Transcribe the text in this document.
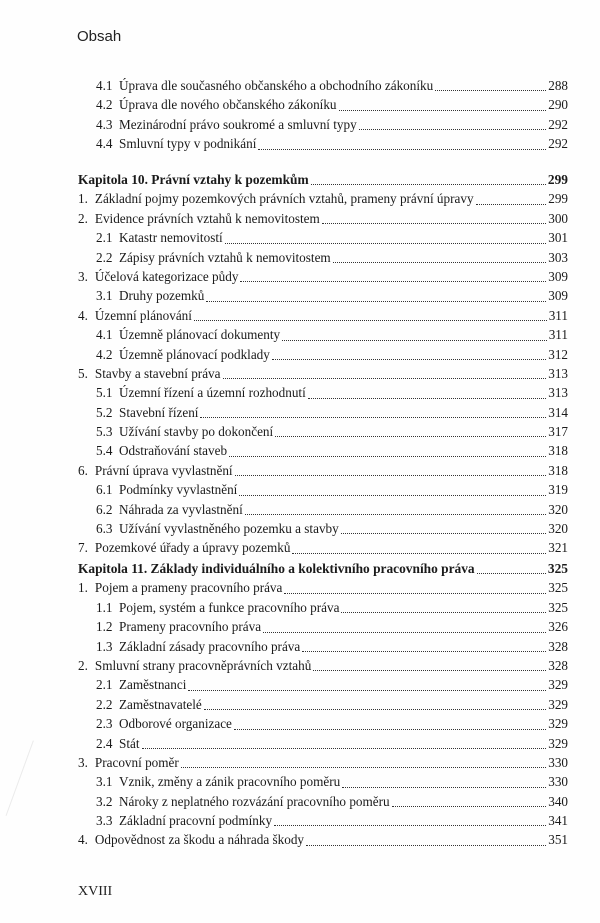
Obsah
4.1 Úprava dle současného občanského a obchodního zákoníku	288
4.2 Úprava dle nového občanského zákoníku	290
4.3 Mezinárodní právo soukromé a smluvní typy	292
4.4 Smluvní typy v podnikání	292
Kapitola 10. Právní vztahy k pozemkům	299
1. Základní pojmy pozemkových právních vztahů, prameny právní úpravy	299
2. Evidence právních vztahů k nemovitostem	300
2.1 Katastr nemovitostí	301
2.2 Zápisy právních vztahů k nemovitostem	303
3. Účelová kategorizace půdy	309
3.1 Druhy pozemků	309
4. Územní plánování	311
4.1 Územně plánovací dokumenty	311
4.2 Územně plánovací podklady	312
5. Stavby a stavební práva	313
5.1 Územní řízení a územní rozhodnutí	313
5.2 Stavební řízení	314
5.3 Užívání stavby po dokončení	317
5.4 Odstraňování staveb	318
6. Právní úprava vyvlastnění	318
6.1 Podmínky vyvlastnění	319
6.2 Náhrada za vyvlastnění	320
6.3 Užívání vyvlastněného pozemku a stavby	320
7. Pozemkové úřady a úpravy pozemků	321
Kapitola 11. Základy individuálního a kolektivního pracovního práva	325
1. Pojem a prameny pracovního práva	325
1.1 Pojem, systém a funkce pracovního práva	325
1.2 Prameny pracovního práva	326
1.3 Základní zásady pracovního práva	328
2. Smluvní strany pracovněprávních vztahů	328
2.1 Zaměstnanci	329
2.2 Zaměstnavatelé	329
2.3 Odborové organizace	329
2.4 Stát	329
3. Pracovní poměr	330
3.1 Vznik, změny a zánik pracovního poměru	330
3.2 Nároky z neplatného rozvázání pracovního poměru	340
3.3 Základní pracovní podmínky	341
4. Odpovědnost za škodu a náhrada škody	351
XVIII
